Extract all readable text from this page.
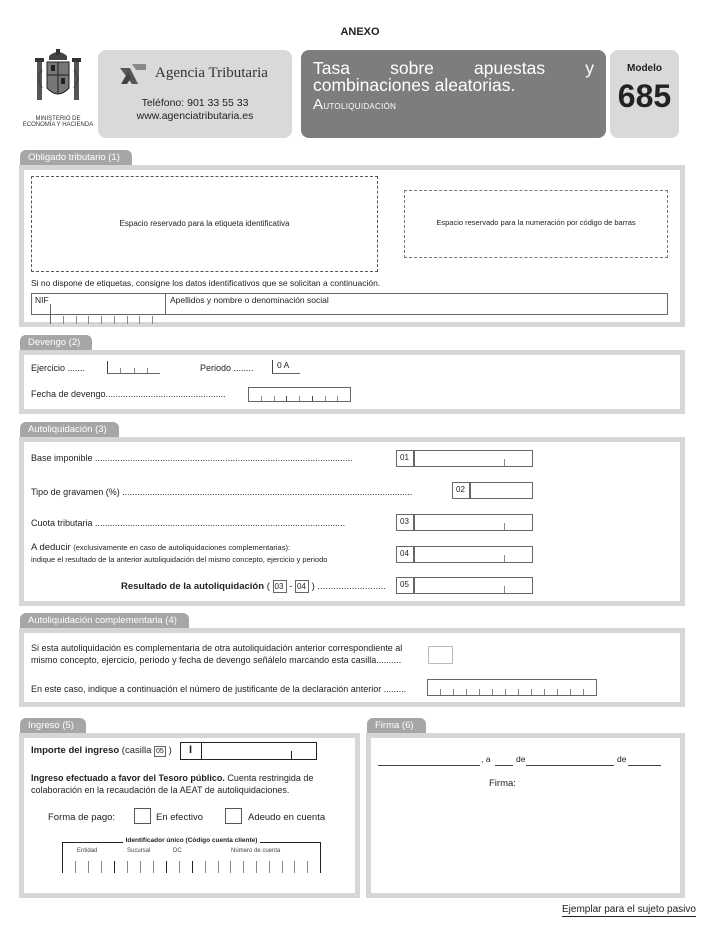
ANEXO
MINISTERIO DE ECONOMÍA Y HACIENDA
Agencia Tributaria
Teléfono: 901 33 55 33
www.agenciatributaria.es
Tasa sobre apuestas y combinaciones aleatorias.
Autoliquidación
Modelo
685
Obligado tributario (1)
Espacio reservado para la etiqueta identificativa	Espacio reservado para la numeración por código de barras
Si no dispone de etiquetas, consigne los datos identificativos que se solicitan a continuación.
NIF	Apellidos y nombre o denominación social
Devengo (2)
Ejercicio .......	Periodo ........	0 A
Fecha de devengo................................................
Autoliquidación (3)
Base imponible .......................................................................................................	01
Tipo de gravamen (%) ....................................................................................................................	02
Cuota tributaria ....................................................................................................	03
A deducir (exclusivamente en caso de autoliquidaciones complementarias):
indique el resultado de la anterior autoliquidación del mismo concepto, ejercicio y periodo
04
Resultado de la autoliquidación ( 03 - 04 ) ..........................	05
Autoliquidación complementaria (4)
Si esta autoliquidación es complementaria de otra autoliquidación anterior correspondiente al
mismo concepto, ejercicio, periodo y fecha de devengo señálelo marcando esta casilla..........
En este caso, indique a continuación el número de justificante de la declaración anterior .........
Ingreso (5)
Importe del ingreso (casilla 05 ) I
Ingreso efectuado a favor del Tesoro público. Cuenta restringida de
colaboración en la recaudación de la AEAT de autoliquidaciones.
Forma de pago:	En efectivo	Adeudo en cuenta
Identificador único (Código cuenta cliente)
Entidad	Sucursal	DC	Número de cuenta
Firma (6)
, a	de	de
Firma:
Ejemplar para el sujeto pasivo
